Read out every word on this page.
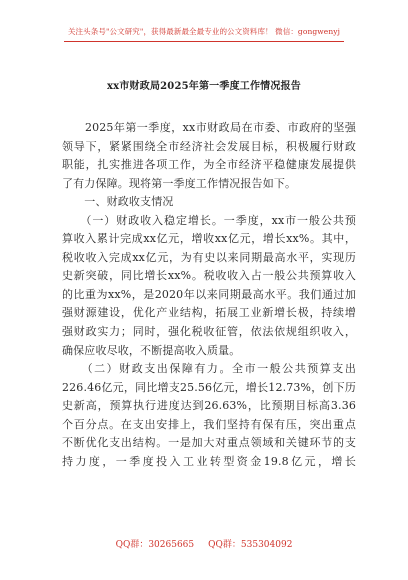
关注头条号"公文研究"，获得最新最全最专业的公文资料库！ 微信：gongwenyj
xx市财政局2025年第一季度工作情况报告
　　2025年第一季度，xx市财政局在市委、市政府的坚强
领导下，紧紧围绕全市经济社会发展目标，积极履行财政
职能，扎实推进各项工作，为全市经济平稳健康发展提供
了有力保障。现将第一季度工作情况报告如下。
　　一、财政收支情况
　　（一）财政收入稳定增长。一季度，xx市一般公共预
算收入累计完成xx亿元，增收xx亿元，增长xx%。其中，
税收收入完成xx亿元，为有史以来同期最高水平，实现历
史新突破，同比增长xx%。税收收入占一般公共预算收入
的比重为xx%，是2020年以来同期最高水平。我们通过加
强财源建设，优化产业结构，拓展工业新增长极，持续增
强财政实力；同时，强化税收征管，依法依规组织收入，
确保应收尽收，不断提高收入质量。
　　（二）财政支出保障有力。全市一般公共预算支出
226.46亿元，同比增支25.56亿元，增长12.73%，创下历
史新高，预算执行进度达到26.63%，比预期目标高3.36
个百分点。在支出安排上，我们坚持有保有压，突出重点
不断优化支出结构。一是加大对重点领域和关键环节的支
持力度，一季度投入工业转型资金19.8亿元，增长
QQ群：30265665 QQ群：535304092
